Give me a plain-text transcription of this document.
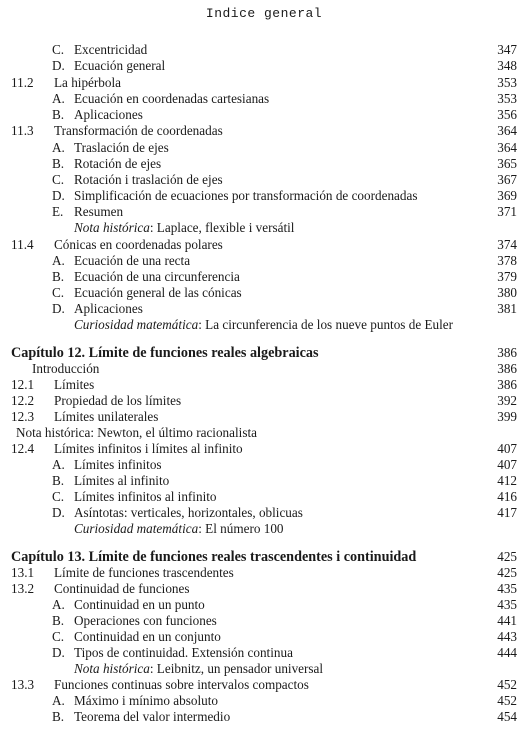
Indice general
C. Excentricidad	347
D. Ecuación general	348
11.2 La hipérbola	353
A. Ecuación en coordenadas cartesianas	353
B. Aplicaciones	356
11.3 Transformación de coordenadas	364
A. Traslación de ejes	364
B. Rotación de ejes	365
C. Rotación i traslación de ejes	367
D. Simplificación de ecuaciones por transformación de coordenadas	369
E. Resumen	371
Nota histórica: Laplace, flexible i versátil
11.4 Cónicas en coordenadas polares	374
A. Ecuación de una recta	378
B. Ecuación de una circunferencia	379
C. Ecuación general de las cónicas	380
D. Aplicaciones	381
Curiosidad matemática: La circunferencia de los nueve puntos de Euler
Capítulo 12. Límite de funciones reales algebraicas	386
Introducción	386
12.1 Límites	386
12.2 Propiedad de los límites	392
12.3 Límites unilaterales	399
Nota histórica: Newton, el último racionalista
12.4 Límites infinitos i límites al infinito	407
A. Límites infinitos	407
B. Límites al infinito	412
C. Límites infinitos al infinito	416
D. Asíntotas: verticales, horizontales, oblicuas	417
Curiosidad matemática: El número 100
Capítulo 13. Límite de funciones reales trascendentes i continuidad	425
13.1 Límite de funciones trascendentes	425
13.2 Continuidad de funciones	435
A. Continuidad en un punto	435
B. Operaciones con funciones	441
C. Continuidad en un conjunto	443
D. Tipos de continuidad. Extensión continua	444
Nota histórica: Leibnitz, un pensador universal
13.3 Funciones continuas sobre intervalos compactos	452
A. Máximo i mínimo absoluto	452
B. Teorema del valor intermedio	454
